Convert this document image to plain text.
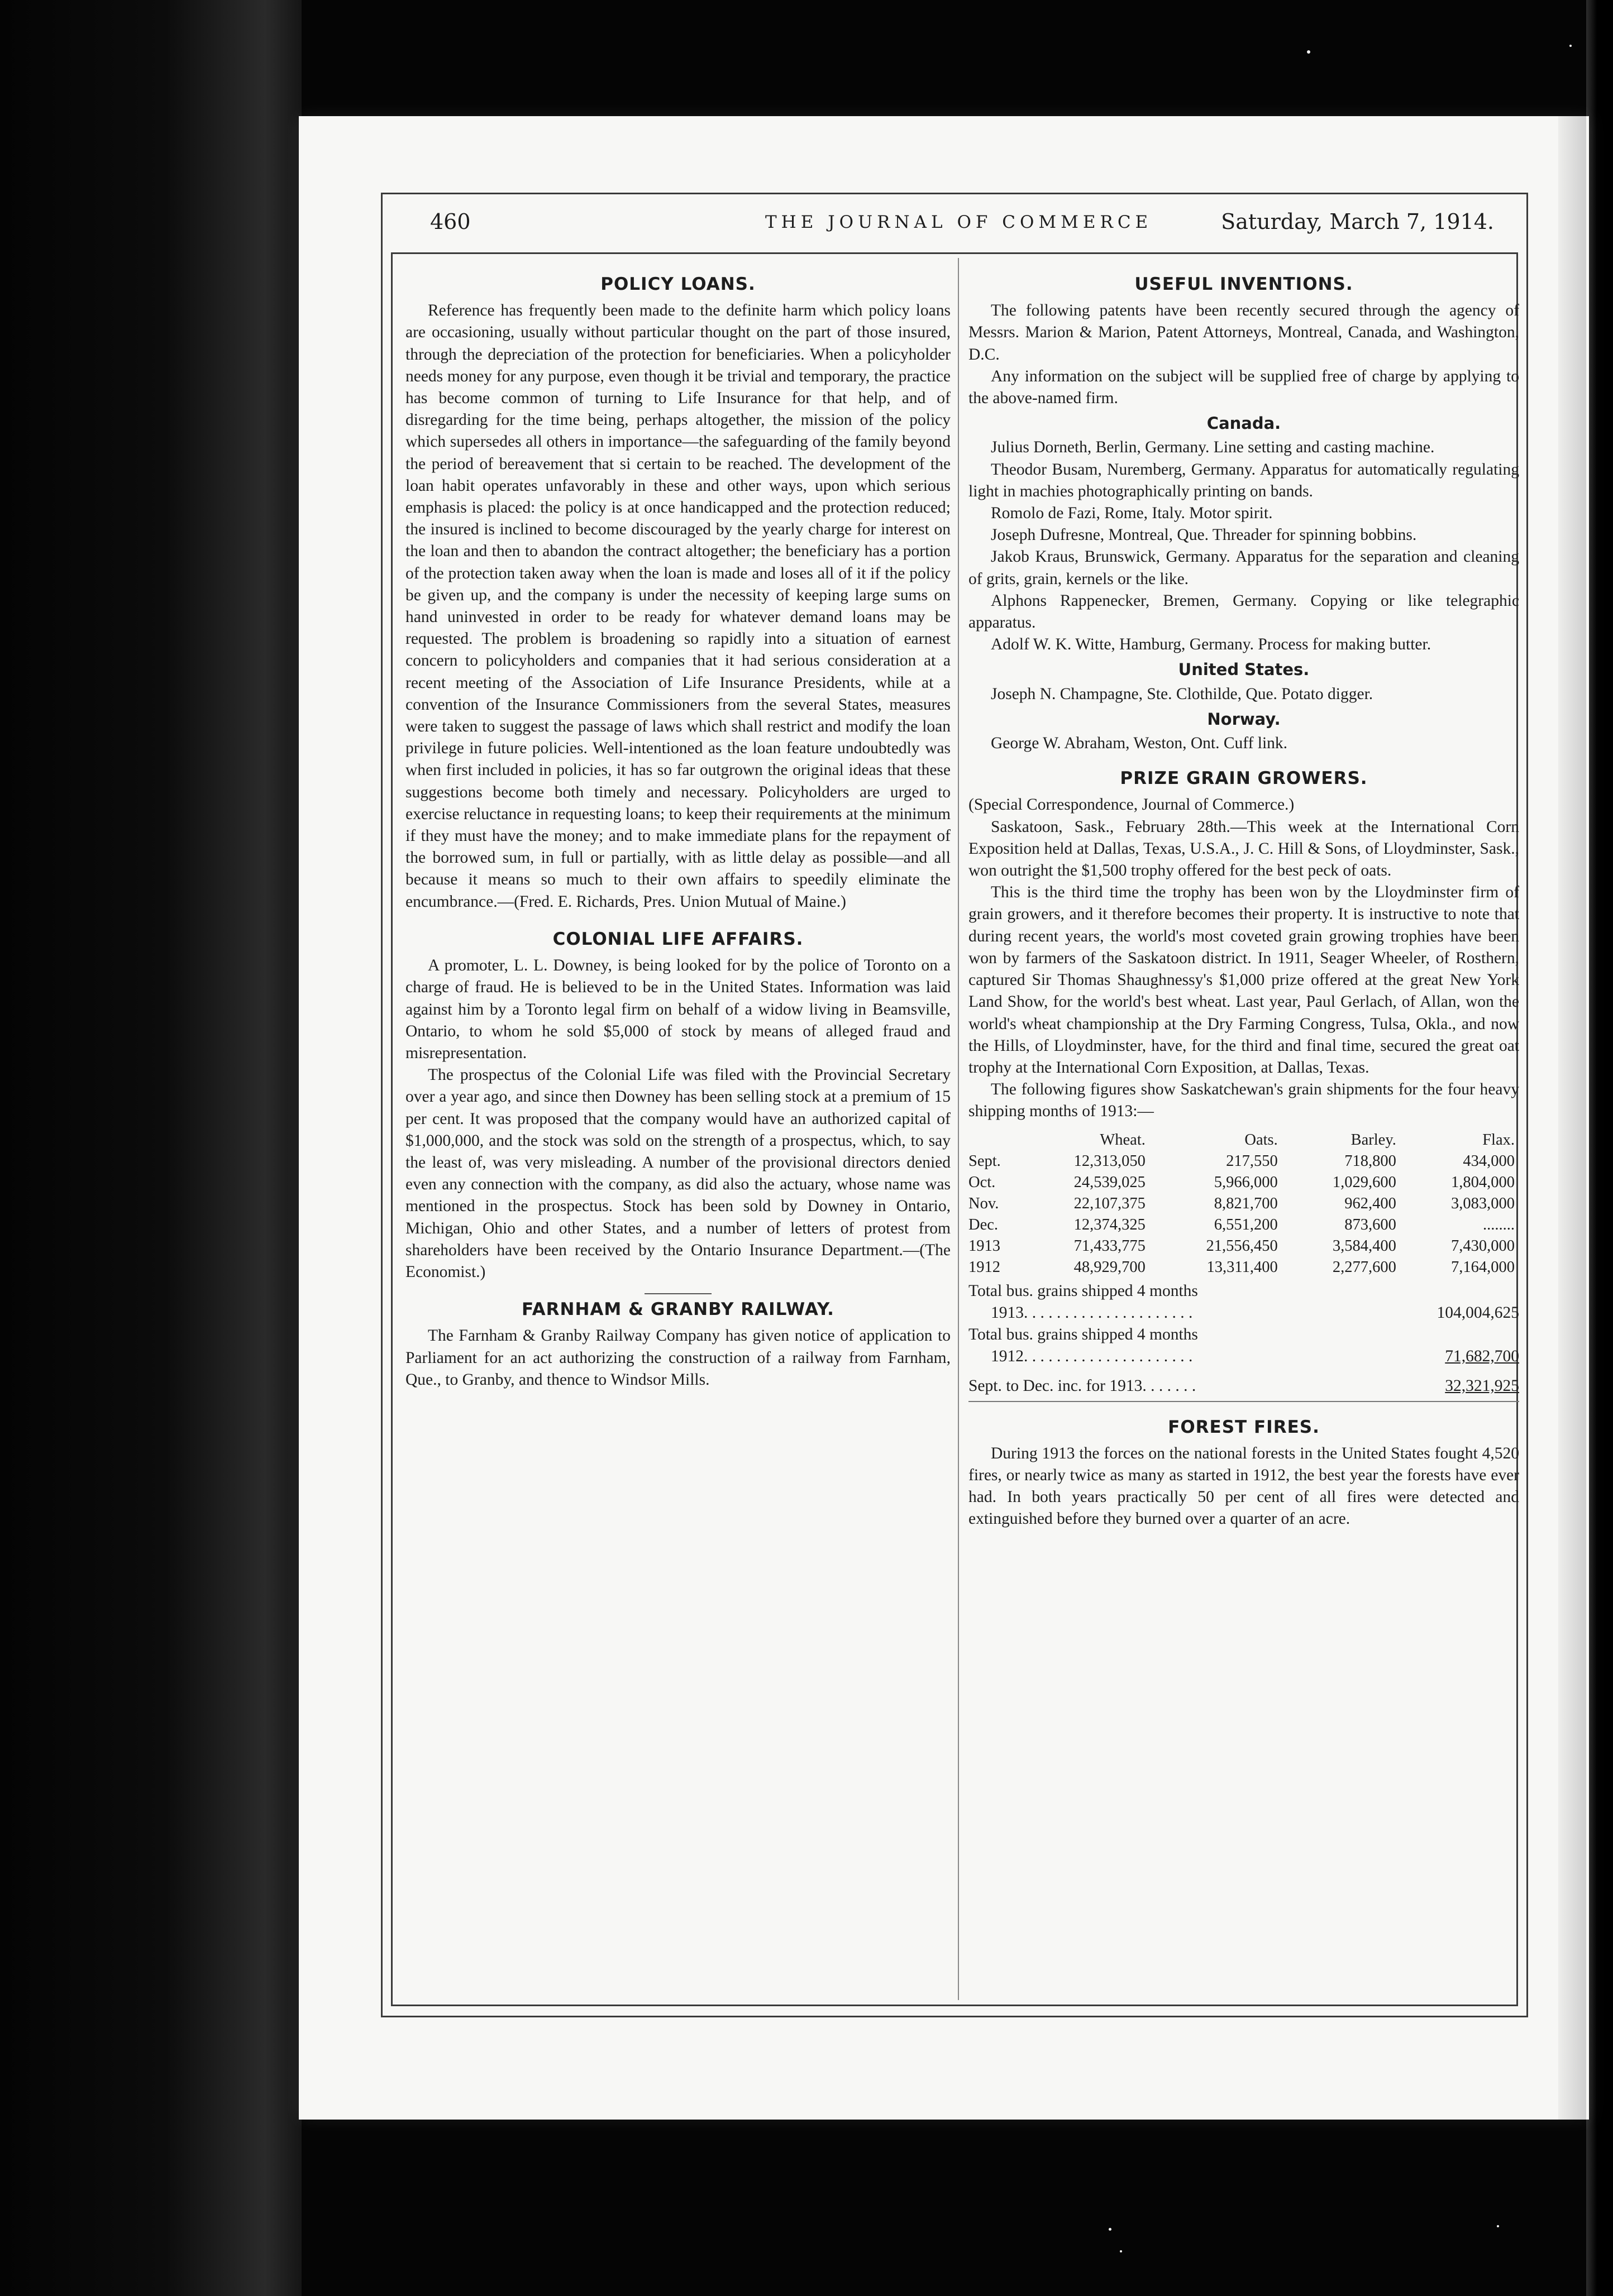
460	THE JOURNAL OF COMMERCE	Saturday, March 7, 1914.
POLICY LOANS.

Reference has frequently been made to the definite harm which policy loans are occasioning, usually without particular thought on the part of those insured, through the depreciation of the protection for beneficiaries. When a policyholder needs money for any purpose, even though it be trivial and temporary, the practice has become common of turning to Life Insurance for that help, and of disregarding for the time being, perhaps altogether, the mission of the policy which supersedes all others in importance—the safeguarding of the family beyond the period of bereavement that si certain to be reached. The development of the loan habit operates unfavorably in these and other ways, upon which serious emphasis is placed: the policy is at once handicapped and the protection reduced; the insured is inclined to become discouraged by the yearly charge for interest on the loan and then to abandon the contract altogether; the beneficiary has a portion of the protection taken away when the loan is made and loses all of it if the policy be given up, and the company is under the necessity of keeping large sums on hand uninvested in order to be ready for whatever demand loans may be requested. The problem is broadening so rapidly into a situation of earnest concern to policyholders and companies that it had serious consideration at a recent meeting of the Association of Life Insurance Presidents, while at a convention of the Insurance Commissioners from the several States, measures were taken to suggest the passage of laws which shall restrict and modify the loan privilege in future policies. Well-intentioned as the loan feature undoubtedly was when first included in policies, it has so far outgrown the original ideas that these suggestions become both timely and necessary. Policyholders are urged to exercise reluctance in requesting loans; to keep their requirements at the minimum if they must have the money; and to make immediate plans for the repayment of the borrowed sum, in full or partially, with as little delay as possible—and all because it means so much to their own affairs to speedily eliminate the encumbrance.—(Fred. E. Richards, Pres. Union Mutual of Maine.)

COLONIAL LIFE AFFAIRS.

A promoter, L. L. Downey, is being looked for by the police of Toronto on a charge of fraud. He is believed to be in the United States. Information was laid against him by a Toronto legal firm on behalf of a widow living in Beamsville, Ontario, to whom he sold $5,000 of stock by means of alleged fraud and misrepresentation.

The prospectus of the Colonial Life was filed with the Provincial Secretary over a year ago, and since then Downey has been selling stock at a premium of 15 per cent. It was proposed that the company would have an authorized capital of $1,000,000, and the stock was sold on the strength of a prospectus, which, to say the least of, was very misleading. A number of the provisional directors denied even any connection with the company, as did also the actuary, whose name was mentioned in the prospectus. Stock has been sold by Downey in Ontario, Michigan, Ohio and other States, and a number of letters of protest from shareholders have been received by the Ontario Insurance Department.—(The Economist.)

FARNHAM & GRANBY RAILWAY.

The Farnham & Granby Railway Company has given notice of application to Parliament for an act authorizing the construction of a railway from Farnham, Que., to Granby, and thence to Windsor Mills.

USEFUL INVENTIONS.

The following patents have been recently secured through the agency of Messrs. Marion & Marion, Patent Attorneys, Montreal, Canada, and Washington, D.C.

Any information on the subject will be supplied free of charge by applying to the above-named firm.

Canada.

Julius Dorneth, Berlin, Germany. Line setting and casting machine.

Theodor Busam, Nuremberg, Germany. Apparatus for automatically regulating light in machies photographically printing on bands.

Romolo de Fazi, Rome, Italy. Motor spirit.

Joseph Dufresne, Montreal, Que. Threader for spinning bobbins.

Jakob Kraus, Brunswick, Germany. Apparatus for the separation and cleaning of grits, grain, kernels or the like.

Alphons Rappenecker, Bremen, Germany. Copying or like telegraphic apparatus.

Adolf W. K. Witte, Hamburg, Germany. Process for making butter.

United States.

Joseph N. Champagne, Ste. Clothilde, Que. Potato digger.

Norway.

George W. Abraham, Weston, Ont. Cuff link.

PRIZE GRAIN GROWERS.

(Special Correspondence, Journal of Commerce.)

Saskatoon, Sask., February 28th.—This week at the International Corn Exposition held at Dallas, Texas, U.S.A., J. C. Hill & Sons, of Lloydminster, Sask., won outright the $1,500 trophy offered for the best peck of oats.

This is the third time the trophy has been won by the Lloydminster firm of grain growers, and it therefore becomes their property. It is instructive to note that during recent years, the world's most coveted grain growing trophies have been won by farmers of the Saskatoon district. In 1911, Seager Wheeler, of Rosthern, captured Sir Thomas Shaughnessy's $1,000 prize offered at the great New York Land Show, for the world's best wheat. Last year, Paul Gerlach, of Allan, won the world's wheat championship at the Dry Farming Congress, Tulsa, Okla., and now the Hills, of Lloydminster, have, for the third and final time, secured the great oat trophy at the International Corn Exposition, at Dallas, Texas.

The following figures show Saskatchewan's grain shipments for the four heavy shipping months of 1913:—

	Wheat.	Oats.	Barley.	Flax.
Sept.	12,313,050	217,550	718,800	434,000
Oct.	24,539,025	5,966,000	1,029,600	1,804,000
Nov.	22,107,375	8,821,700	962,400	3,083,000
Dec.	12,374,325	6,551,200	873,600	........
1913	71,433,775	21,556,450	3,584,400	7,430,000
1912	48,929,700	13,311,400	2,277,600	7,164,000

Total bus. grains shipped 4 months

1913. . . . . . . . . . . . . . . . . . . . .	104,004,625

Total bus. grains shipped 4 months

1912. . . . . . . . . . . . . . . . . . . . .	71,682,700

Sept. to Dec. inc. for 1913. . . . . . .	32,321,925

FOREST FIRES.

During 1913 the forces on the national forests in the United States fought 4,520 fires, or nearly twice as many as started in 1912, the best year the forests have ever had. In both years practically 50 per cent of all fires were detected and extinguished before they burned over a quarter of an acre.
